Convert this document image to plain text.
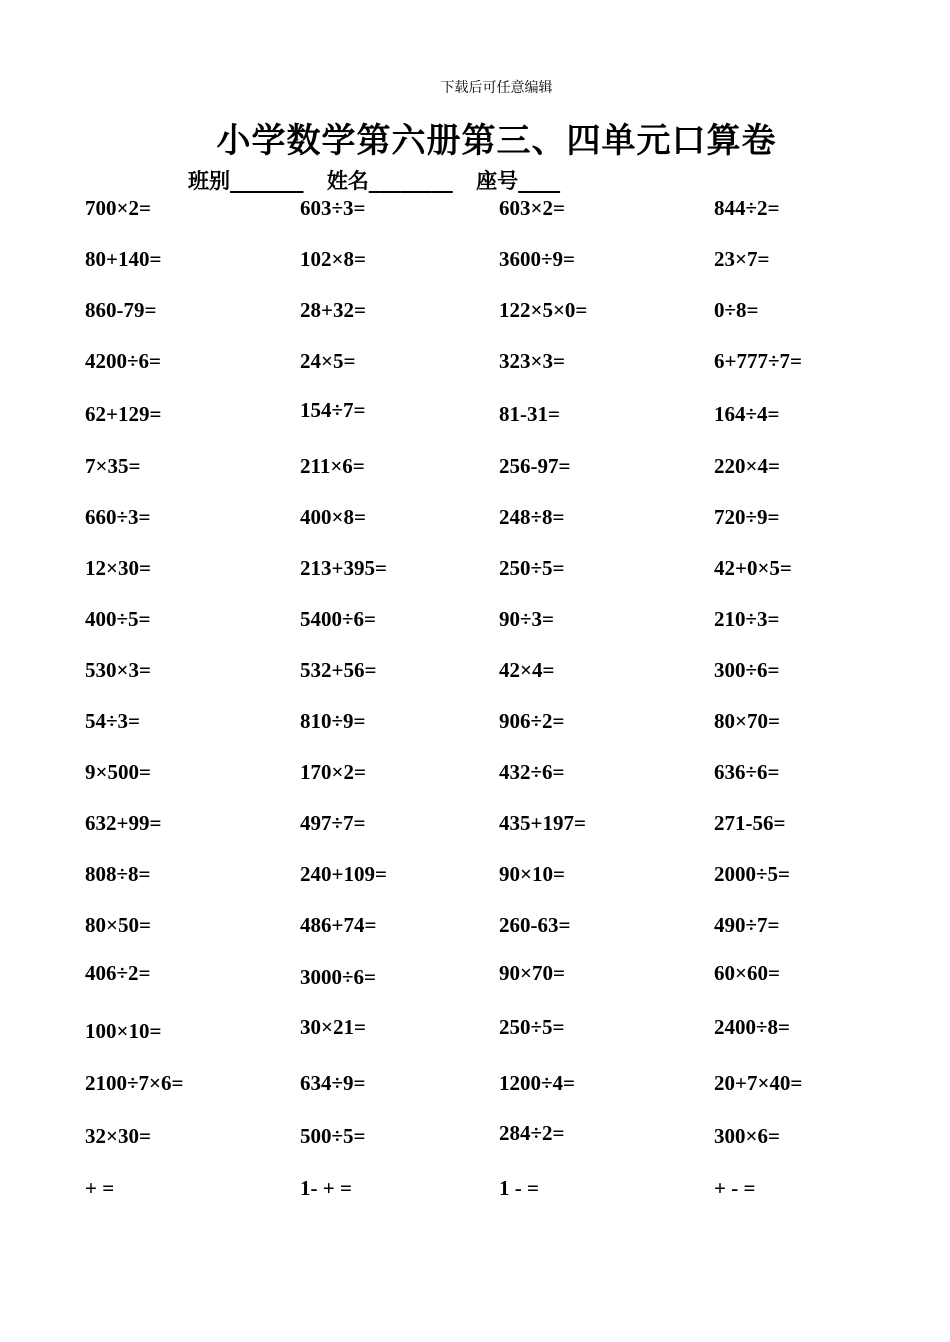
下载后可任意编辑
小学数学第六册第三、四单元口算卷
班别_______ 姓名________ 座号____
700×2=	603÷3=	603×2=	844÷2=
80+140=	102×8=	3600÷9=	23×7=
860-79=	28+32=	122×5×0=	0÷8=
4200÷6=	24×5=	323×3=	6+777÷7=
62+129=	154÷7=	81-31=	164÷4=
7×35=	211×6=	256-97=	220×4=
660÷3=	400×8=	248÷8=	720÷9=
12×30=	213+395=	250÷5=	42+0×5=
400÷5=	5400÷6=	90÷3=	210÷3=
530×3=	532+56=	42×4=	300÷6=
54÷3=	810÷9=	906÷2=	80×70=
9×500=	170×2=	432÷6=	636÷6=
632+99=	497÷7=	435+197=	271-56=
808÷8=	240+109=	90×10=	2000÷5=
80×50=	486+74=	260-63=	490÷7=
406÷2=	3000÷6=	90×70=	60×60=
100×10=	30×21=	250÷5=	2400÷8=
2100÷7×6=	634÷9=	1200÷4=	20+7×40=
32×30=	500÷5=	284÷2=	300×6=
+ =	1- + =	1 - =	+ - =
